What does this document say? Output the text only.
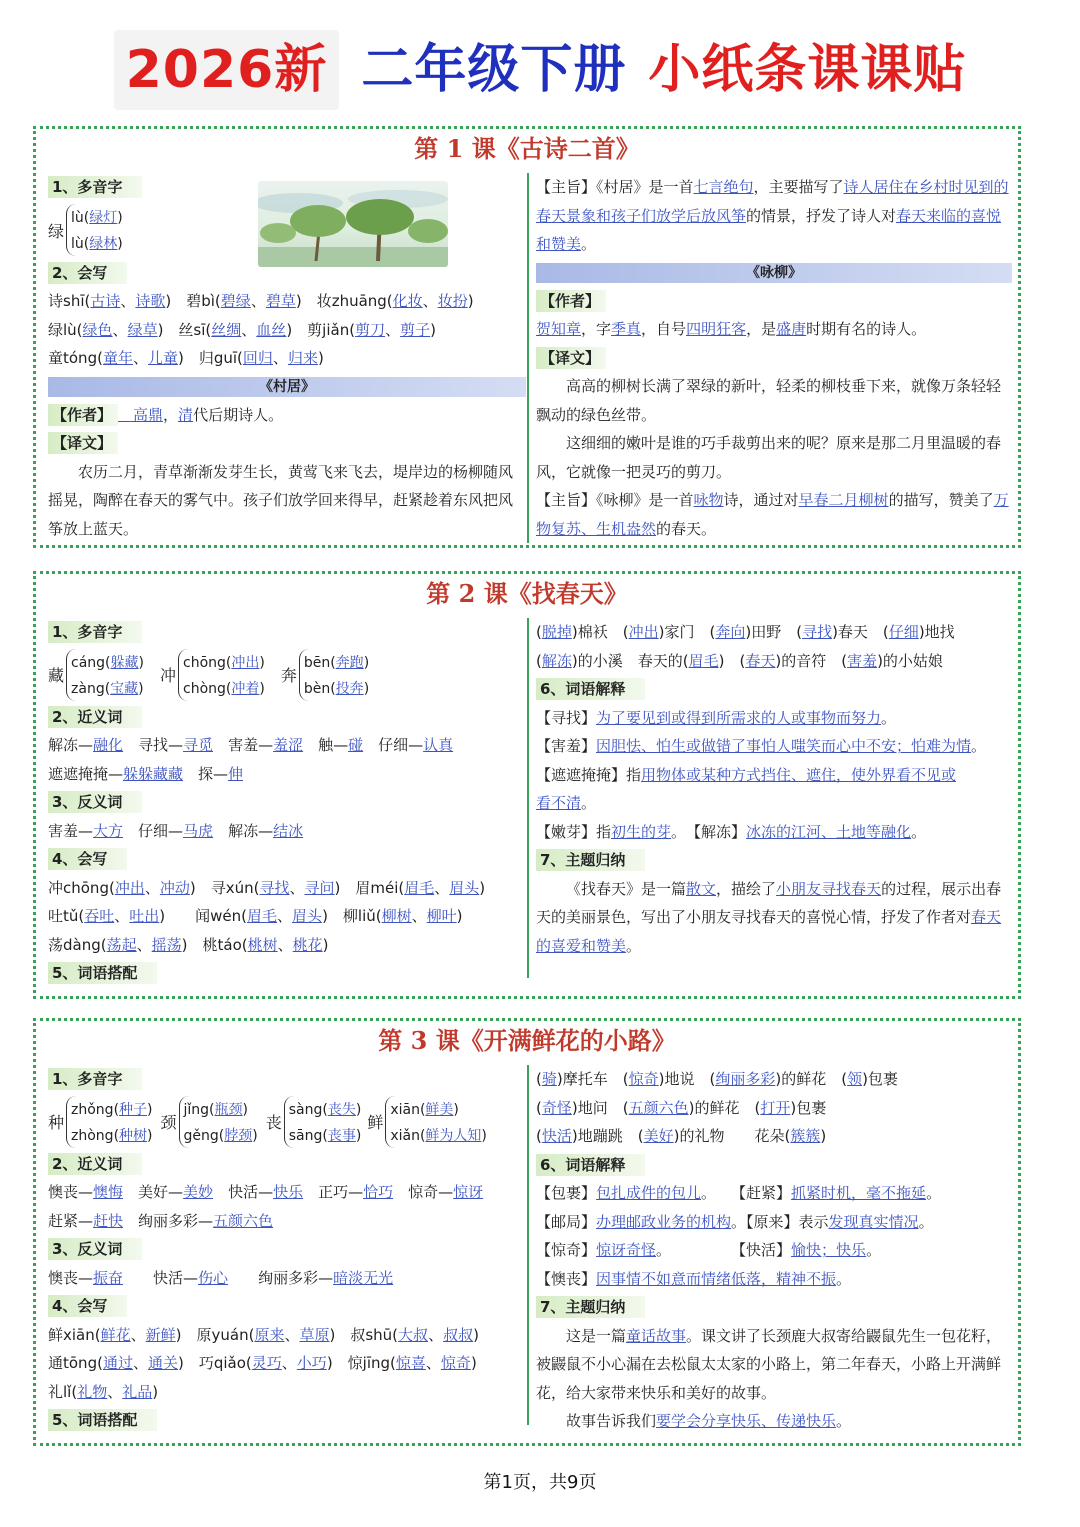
2026新 二年级下册 小纸条课课贴
第 1 课《古诗二首》
1、多音字
绿
lù(绿灯)
lù(绿林)
2、会写
诗shī(古诗、诗歌)　碧bì(碧绿、碧草)　妆zhuāng(化妆、妆扮)
绿lù(绿色、绿草)　丝sī(丝绸、血丝)　剪jiǎn(剪刀、剪子)
童tóng(童年、儿童)　归guī(回归、归来)
《村居》
【作者】　高鼎，清代后期诗人。
【译文】
农历二月，青草渐渐发芽生长，黄莺飞来飞去，堤岸边的杨柳随风摇晃，陶醉在春天的雾气中。孩子们放学回来得早，赶紧趁着东风把风筝放上蓝天。
【主旨】《村居》是一首七言绝句，主要描写了诗人居住在乡村时见到的春天景象和孩子们放学后放风筝的情景，抒发了诗人对春天来临的喜悦和赞美。
《咏柳》
【作者】
贺知章，字季真，自号四明狂客，是盛唐时期有名的诗人。
【译文】
高高的柳树长满了翠绿的新叶，轻柔的柳枝垂下来，就像万条轻轻飘动的绿色丝带。
这细细的嫩叶是谁的巧手裁剪出来的呢？原来是那二月里温暖的春风，它就像一把灵巧的剪刀。
【主旨】《咏柳》是一首咏物诗，通过对早春二月柳树的描写，赞美了万物复苏、生机盎然的春天。
第 2 课《找春天》
1、多音字
藏
cáng(躲藏)
zàng(宝藏)
冲
chōng(冲出)
chòng(冲着)
奔
bēn(奔跑)
bèn(投奔)
2、近义词
解冻—融化　寻找—寻觅　害羞—羞涩　触—碰　仔细—认真
遮遮掩掩—躲躲藏藏　探—伸
3、反义词
害羞—大方　仔细—马虎　解冻—结冰
4、会写
冲chōng(冲出、冲动)　寻xún(寻找、寻问)　眉méi(眉毛、眉头)
吐tǔ(吞吐、吐出)　　闻wén(眉毛、眉头)　柳liǔ(柳树、柳叶)
荡dàng(荡起、摇荡)　桃táo(桃树、桃花)
5、词语搭配
(脱掉)棉袄　(冲出)家门　(奔向)田野　(寻找)春天　(仔细)地找
(解冻)的小溪　春天的(眉毛)　(春天)的音符　(害羞)的小姑娘
6、词语解释
【寻找】为了要见到或得到所需求的人或事物而努力。
【害羞】因胆怯、怕生或做错了事怕人嗤笑而心中不安；怕难为情。
【遮遮掩掩】指用物体或某种方式挡住、遮住，使外界看不见或
看不清。
【嫩芽】指初生的芽。　【解冻】冰冻的江河、土地等融化。
7、主题归纳
《找春天》是一篇散文，描绘了小朋友寻找春天的过程，展示出春天的美丽景色，写出了小朋友寻找春天的喜悦心情，抒发了作者对春天的喜爱和赞美。
第 3 课《开满鲜花的小路》
1、多音字
种
zhǒng(种子)
zhòng(种树)
颈
jǐng(瓶颈)
gěng(脖颈)
丧
sàng(丧失)
sāng(丧事)
鲜
xiān(鲜美)
xiǎn(鲜为人知)
2、近义词
懊丧—懊悔　美好—美妙　快活—快乐　正巧—恰巧　惊奇—惊讶
赶紧—赶快　绚丽多彩—五颜六色
3、反义词
懊丧—振奋　　快活—伤心　　绚丽多彩—暗淡无光
4、会写
鲜xiān(鲜花、新鲜)　原yuán(原来、草原)　叔shū(大叔、叔叔)
通tōng(通过、通关)　巧qiǎo(灵巧、小巧)　惊jīng(惊喜、惊奇)
礼lǐ(礼物、礼品)
5、词语搭配
(骑)摩托车　(惊奇)地说　(绚丽多彩)的鲜花　(领)包裹
(奇怪)地问　(五颜六色)的鲜花　(打开)包裹
(快活)地蹦跳　(美好)的礼物　　花朵(簇簇)
6、词语解释
【包裹】包扎成件的包儿。　　【赶紧】抓紧时机，毫不拖延。
【邮局】办理邮政业务的机构。【原来】表示发现真实情况。
【惊奇】惊讶奇怪。　　　　　【快活】愉快；快乐。
【懊丧】因事情不如意而情绪低落，精神不振。
7、主题归纳
这是一篇童话故事。课文讲了长颈鹿大叔寄给鼹鼠先生一包花籽，被鼹鼠不小心漏在去松鼠太太家的小路上，第二年春天，小路上开满鲜花，给大家带来快乐和美好的故事。
故事告诉我们要学会分享快乐、传递快乐。
第1页，共9页
